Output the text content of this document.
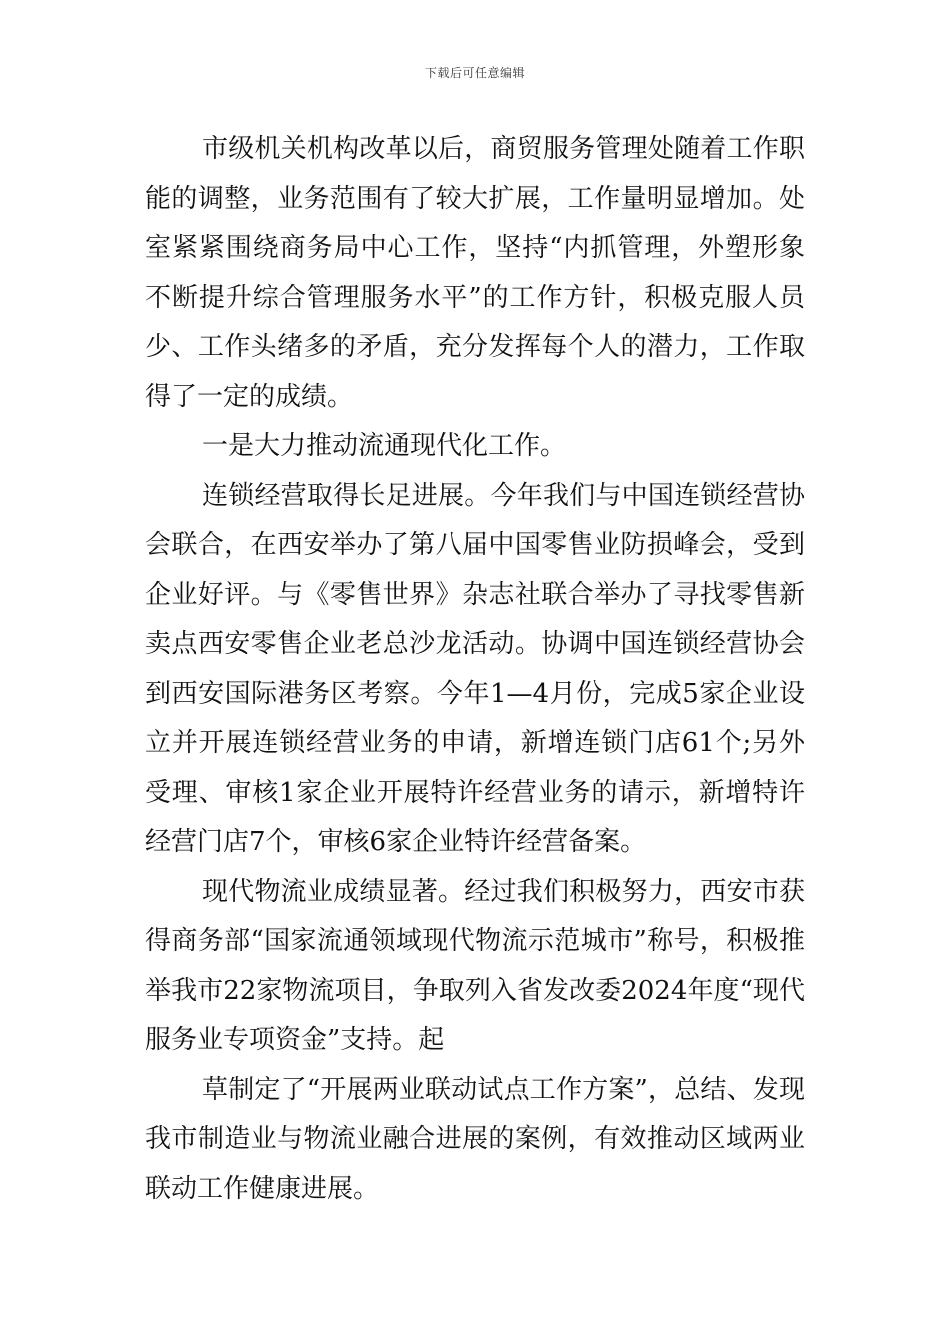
下载后可任意编辑

市级机关机构改革以后，商贸服务管理处随着工作职能的调整，业务范围有了较大扩展，工作量明显增加。处室紧紧围绕商务局中心工作，坚持“内抓管理，外塑形象不断提升综合管理服务水平”的工作方针，积极克服人员少、工作头绪多的矛盾，充分发挥每个人的潜力，工作取得了一定的成绩。

一是大力推动流通现代化工作。

连锁经营取得长足进展。今年我们与中国连锁经营协会联合，在西安举办了第八届中国零售业防损峰会，受到企业好评。与《零售世界》杂志社联合举办了寻找零售新卖点西安零售企业老总沙龙活动。协调中国连锁经营协会到西安国际港务区考察。今年1—4月份，完成5家企业设立并开展连锁经营业务的申请，新增连锁门店61个;另外受理、审核1家企业开展特许经营业务的请示，新增特许经营门店7个，审核6家企业特许经营备案。

现代物流业成绩显著。经过我们积极努力，西安市获得商务部“国家流通领域现代物流示范城市”称号，积极推举我市22家物流项目，争取列入省发改委2024年度“现代服务业专项资金”支持。起

草制定了“开展两业联动试点工作方案”，总结、发现我市制造业与物流业融合进展的案例，有效推动区域两业联动工作健康进展。
